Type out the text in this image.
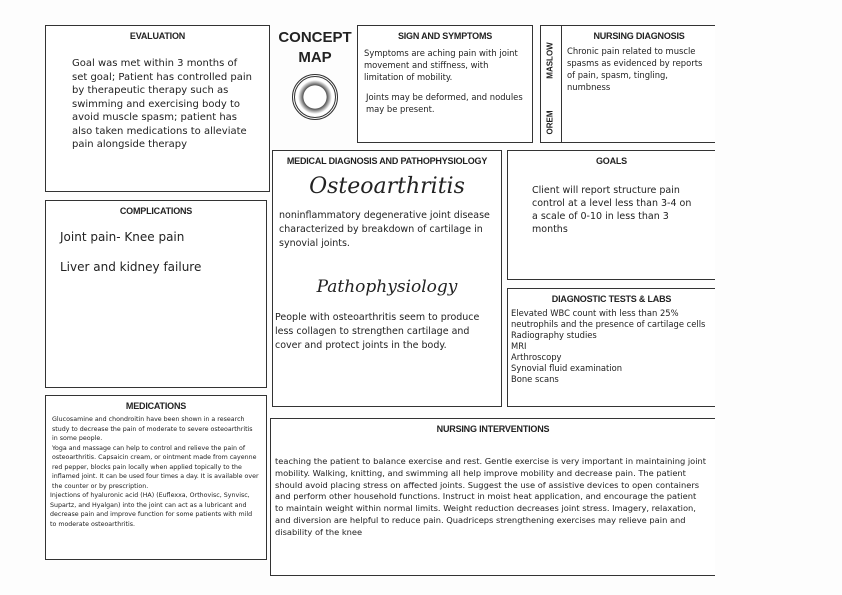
EVALUATION
Goal was met within 3 months of set goal; Patient has controlled pain by therapeutic therapy such as swimming and exercising body to avoid muscle spasm; patient has also taken medications to alleviate pain alongside therapy
CONCEPT
MAP
SIGN AND SYMPTOMS
Symptoms are aching pain with joint movement and stiffness, with limitation of mobility.
Joints may be deformed, and nodules may be present.
MASLOW
OREM
NURSING DIAGNOSIS
Chronic pain related to muscle spasms as evidenced by reports of pain, spasm, tingling, numbness
COMPLICATIONS
Joint pain- Knee pain
Liver and kidney failure
MEDICAL DIAGNOSIS AND PATHOPHYSIOLOGY
Osteoarthritis
noninflammatory degenerative joint disease characterized by breakdown of cartilage in synovial joints.
Pathophysiology
People with osteoarthritis seem to produce less collagen to strengthen cartilage and cover and protect joints in the body.
GOALS
Client will report structure pain control at a level less than 3-4 on a scale of 0-10 in less than 3 months
DIAGNOSTIC TESTS & LABS
Elevated WBC count with less than 25% neutrophils and the presence of cartilage cells
Radiography studies
MRI
Arthroscopy
Synovial fluid examination
Bone scans
MEDICATIONS
Glucosamine and chondroitin have been shown in a research study to decrease the pain of moderate to severe osteoarthritis in some people.
Yoga and massage can help to control and relieve the pain of osteoarthritis. Capsaicin cream, or ointment made from cayenne red pepper, blocks pain locally when applied topically to the inflamed joint. It can be used four times a day. It is available over the counter or by prescription.
Injections of hyaluronic acid (HA) (Euflexxa, Orthovisc, Synvisc, Supartz, and Hyalgan) into the joint can act as a lubricant and decrease pain and improve function for some patients with mild to moderate osteoarthritis.
NURSING INTERVENTIONS
teaching the patient to balance exercise and rest. Gentle exercise is very important in maintaining joint mobility. Walking, knitting, and swimming all help improve mobility and decrease pain. The patient should avoid placing stress on affected joints. Suggest the use of assistive devices to open containers and perform other household functions. Instruct in moist heat application, and encourage the patient to maintain weight within normal limits. Weight reduction decreases joint stress. Imagery, relaxation, and diversion are helpful to reduce pain. Quadriceps strengthening exercises may relieve pain and disability of the knee
